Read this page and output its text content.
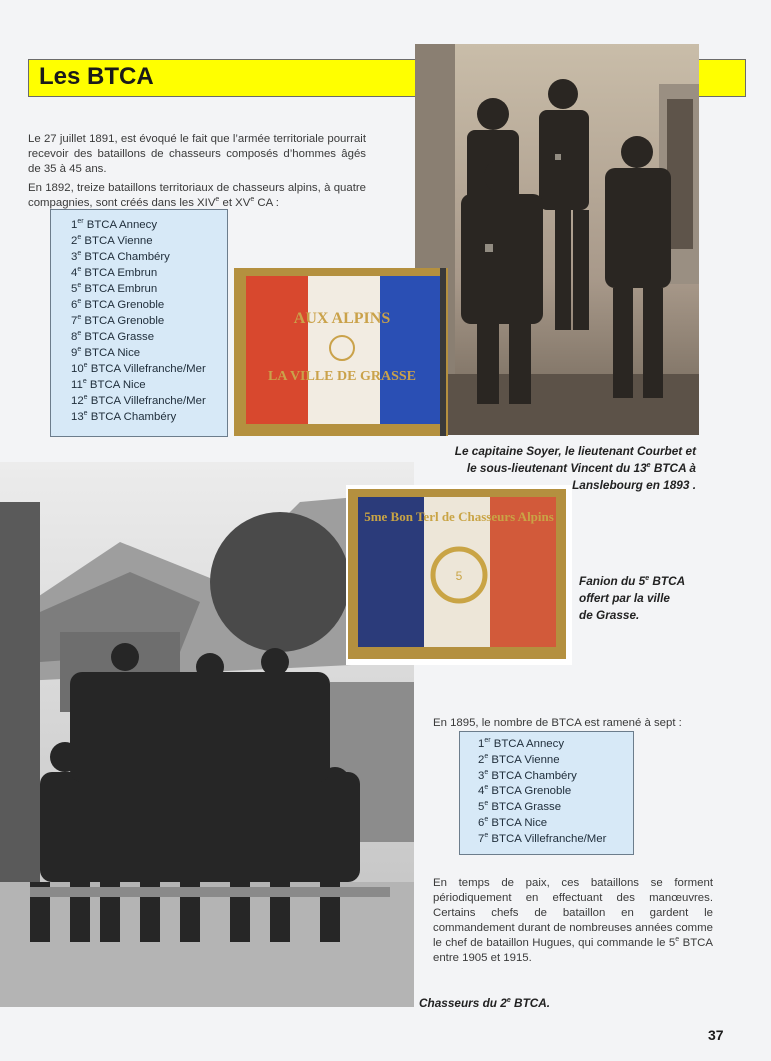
Les BTCA

Le 27 juillet 1891, est évoqué le fait que l’armée territoriale pourrait recevoir des bataillons de chasseurs composés d’hommes âgés de 35 à 45 ans.

En 1892, treize bataillons territoriaux de chasseurs alpins, à quatre compagnies, sont créés dans les XIVe et XVe CA :

AUX ALPINS
LA VILLE DE GRASSE
5me Bon Terl de Chasseurs Alpins
5
1er BTCA Annecy
2e BTCA Vienne
3e BTCA Chambéry
4e BTCA Embrun
5e BTCA Embrun
6e BTCA Grenoble
7e BTCA Grenoble
8e BTCA Grasse
9e BTCA Nice
10e BTCA Villefranche/Mer
11e BTCA Nice
12e BTCA Villefranche/Mer
13e BTCA Chambéry
Le capitaine Soyer, le lieutenant Courbet et
le sous-lieutenant Vincent du 13e BTCA à
Lanslebourg en 1893 .
Fanion du 5e BTCA
offert par la ville
de Grasse.

En 1895, le nombre de BTCA est ramené à sept :

1er BTCA Annecy
2e BTCA Vienne
3e BTCA Chambéry
4e BTCA Grenoble
5e BTCA Grasse
6e BTCA Nice
7e BTCA Villefranche/Mer

En temps de paix, ces bataillons se forment périodiquement en effectuant des manœuvres. Certains chefs de bataillon en gardent le commandement durant de nombreuses années comme le chef de bataillon Hugues, qui commande le 5e BTCA entre 1905 et 1915.

Chasseurs du 2e BTCA.
37
